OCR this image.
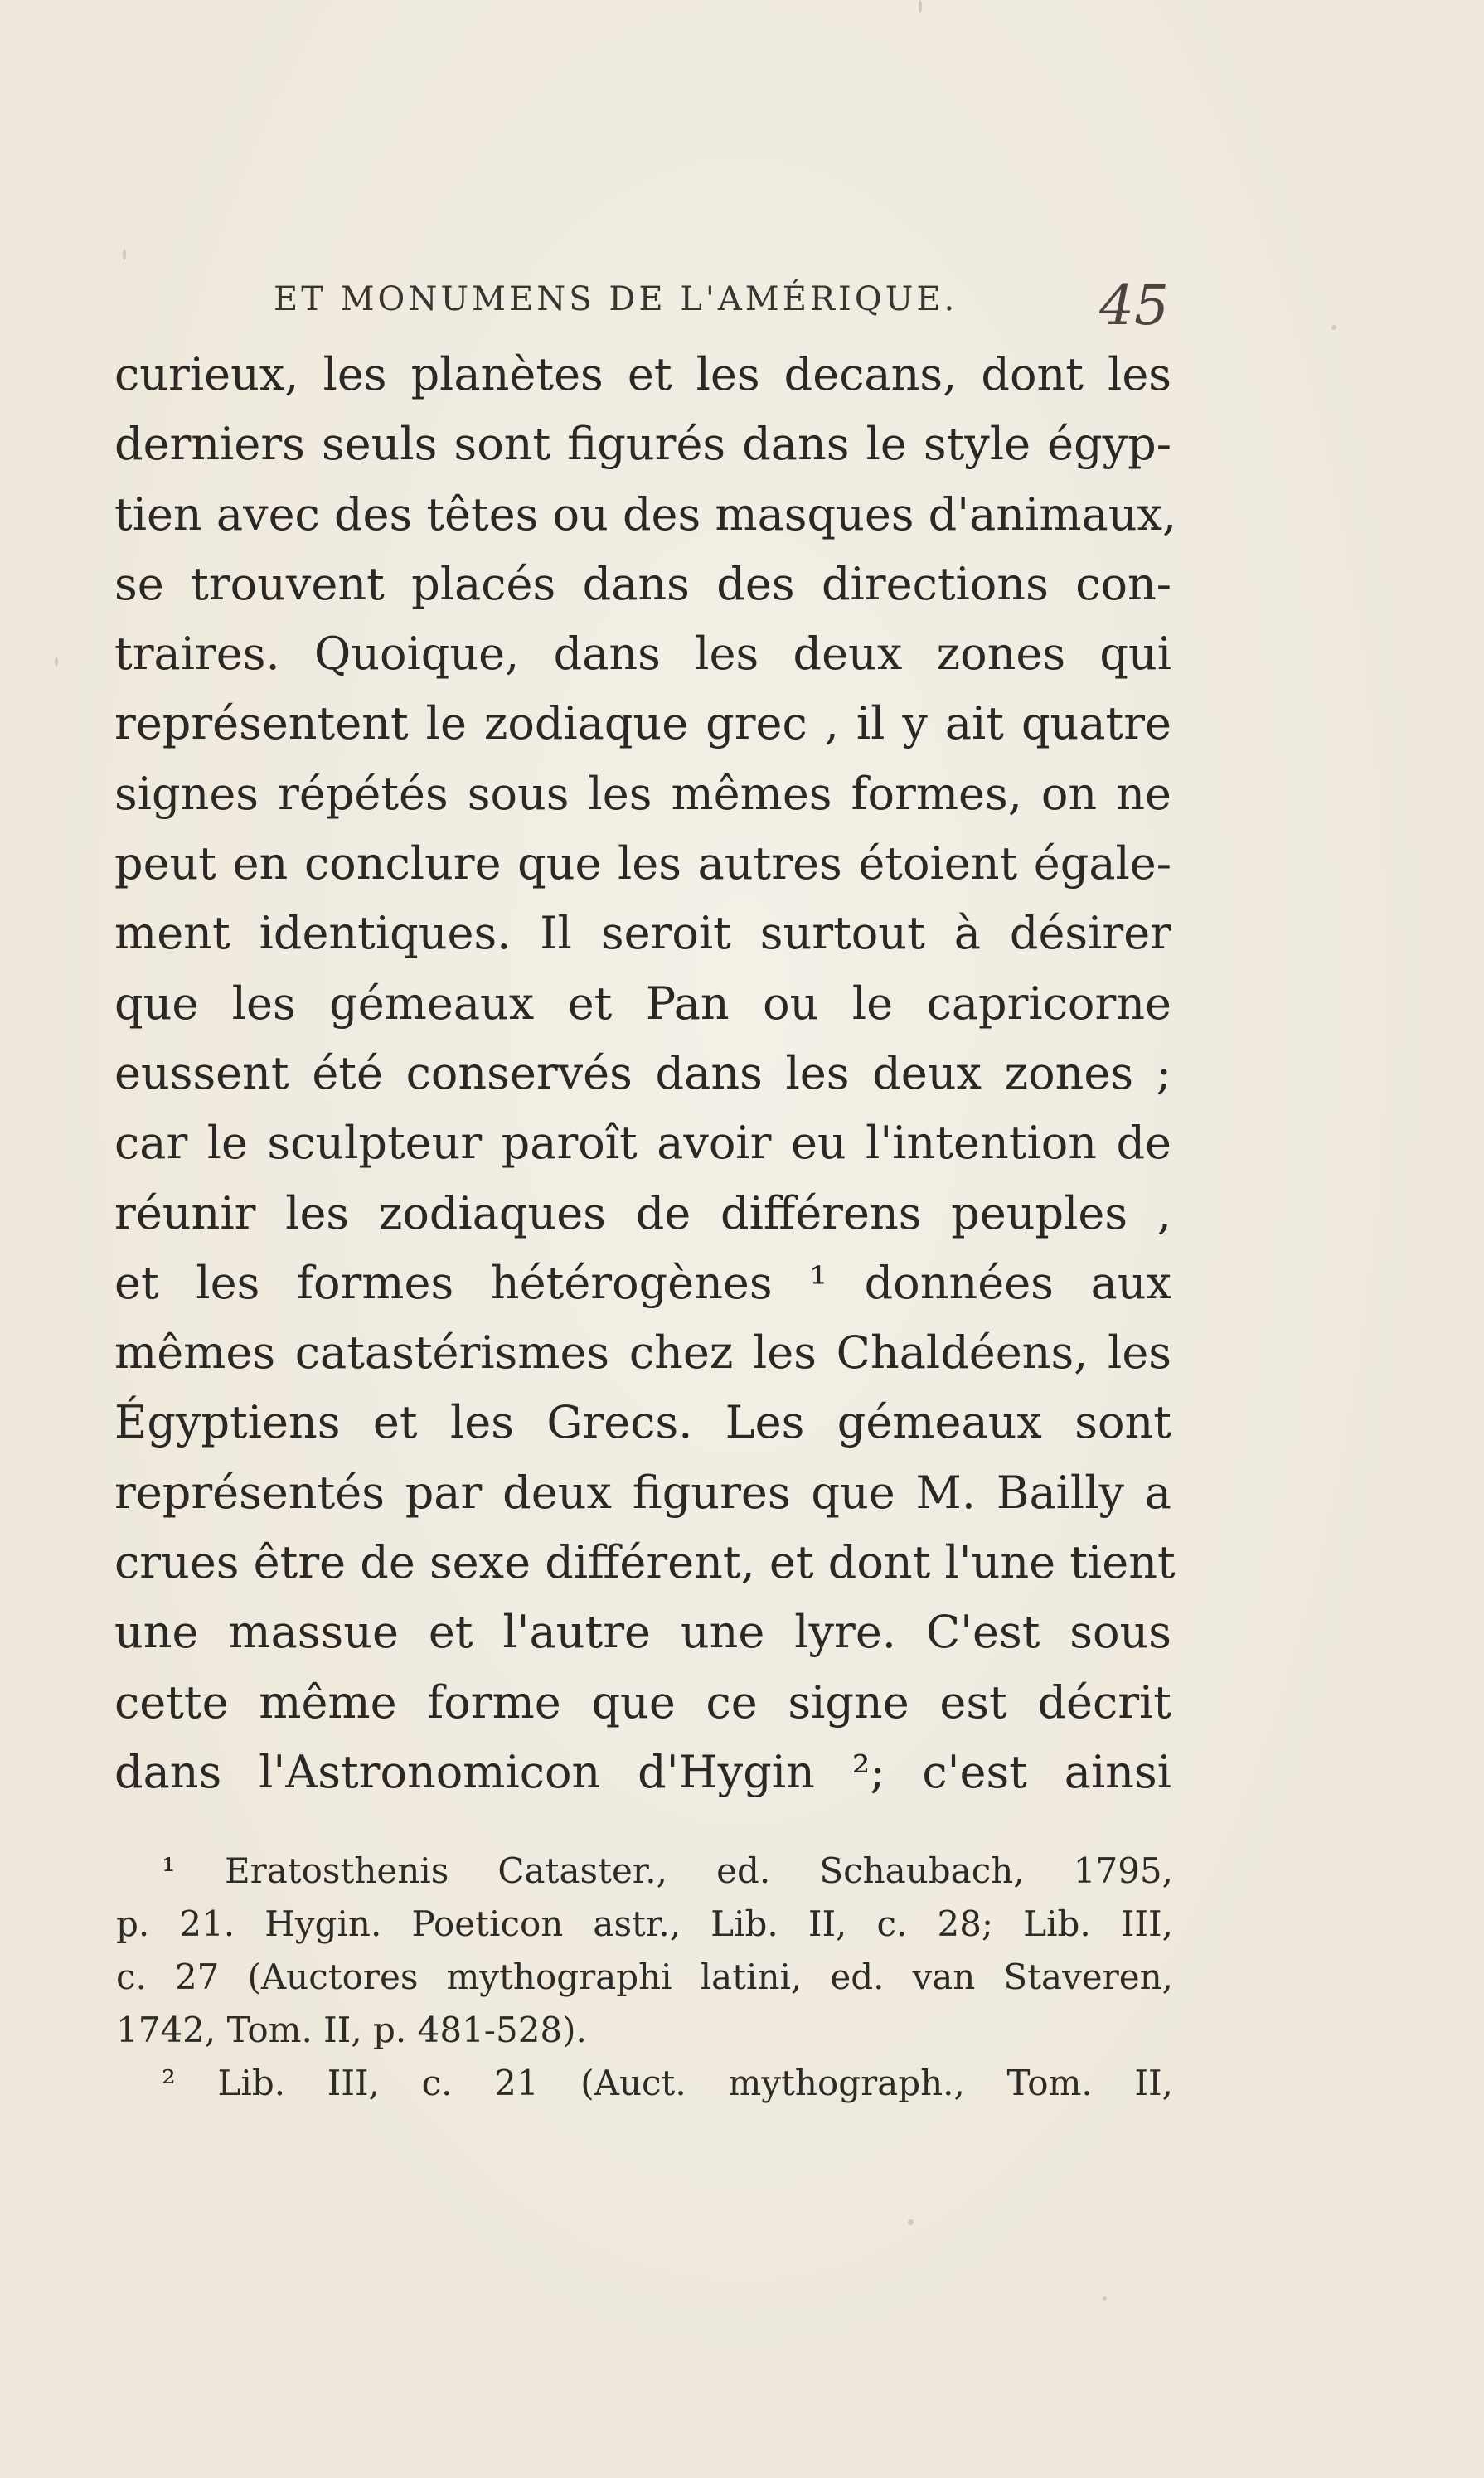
ET MONUMENS DE L'AMÉRIQUE.	45
curieux, les planètes et les decans, dont les
derniers seuls sont figurés dans le style égyp-
tien avec des têtes ou des masques d'animaux,
se trouvent placés dans des directions con-
traires. Quoique, dans les deux zones qui
représentent le zodiaque grec , il y ait quatre
signes répétés sous les mêmes formes, on ne
peut en conclure que les autres étoient égale-
ment identiques. Il seroit surtout à désirer
que les gémeaux et Pan ou le capricorne
eussent été conservés dans les deux zones ;
car le sculpteur paroît avoir eu l'intention de
réunir les zodiaques de différens peuples ,
et les formes hétérogènes ¹ données aux
mêmes catastérismes chez les Chaldéens, les
Égyptiens et les Grecs. Les gémeaux sont
représentés par deux figures que M. Bailly a
crues être de sexe différent, et dont l'une tient
une massue et l'autre une lyre. C'est sous
cette même forme que ce signe est décrit
dans l'Astronomicon d'Hygin ²; c'est ainsi
¹ Eratosthenis Cataster., ed. Schaubach, 1795,
p. 21. Hygin. Poeticon astr., Lib. II, c. 28; Lib. III,
c. 27 (Auctores mythographi latini, ed. van Staveren,
1742, Tom. II, p. 481-528).
² Lib. III, c. 21 (Auct. mythograph., Tom. II,
